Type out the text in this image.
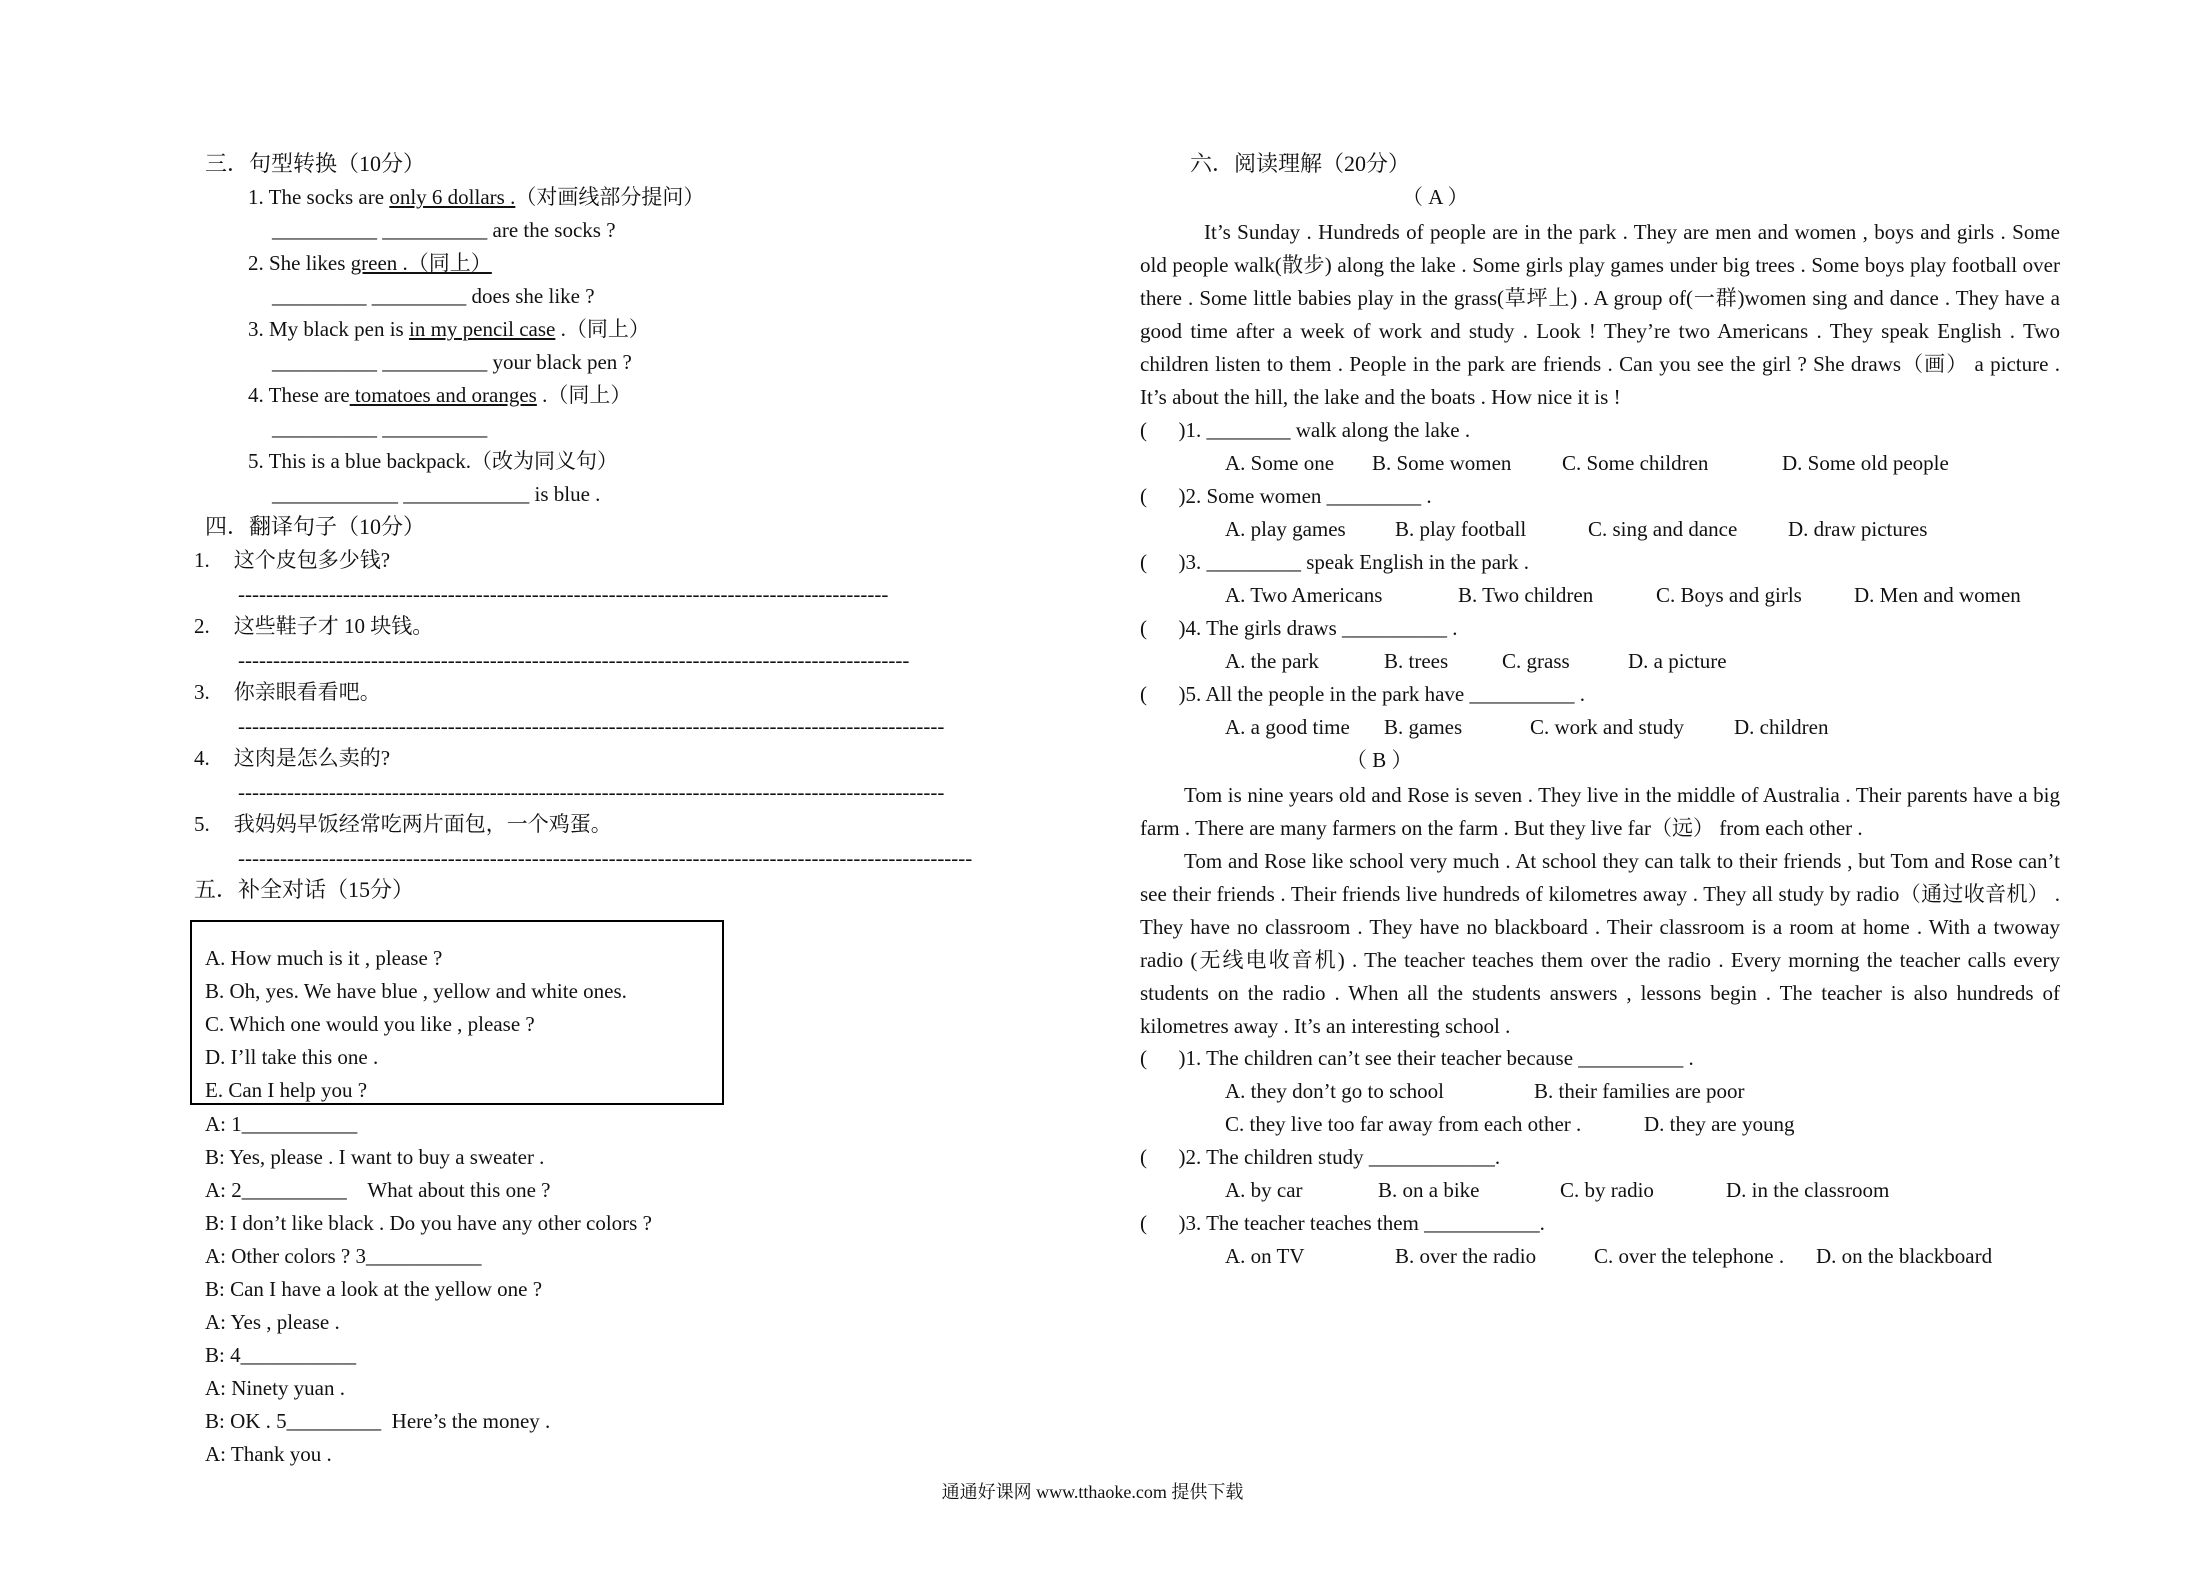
三．句型转换（10分）
1. The socks are only 6 dollars .（对画线部分提问）
__________ __________ are the socks ?
2. She likes green .（同上）
_________ _________ does she like ?
3. My black pen is in my pencil case .（同上）
__________ __________ your black pen ?
4. These are tomatoes and oranges .（同上）
__________ __________
5. This is a blue backpack.（改为同义句）
____________ ____________ is blue .
四．翻译句子（10分）
1. 这个皮包多少钱?
---------------------------------------------------------------------------------------------
2. 这些鞋子才 10 块钱。
------------------------------------------------------------------------------------------------
3. 你亲眼看看吧。
-----------------------------------------------------------------------------------------------------
4. 这肉是怎么卖的?
-----------------------------------------------------------------------------------------------------
5. 我妈妈早饭经常吃两片面包，一个鸡蛋。
---------------------------------------------------------------------------------------------------------
五．补全对话（15分）
A. How much is it , please ?
B. Oh, yes. We have blue , yellow and white ones.
C. Which one would you like , please ?
D. I’ll take this one .
E. Can I help you ?
A: 1___________
B: Yes, please . I want to buy a sweater .
A: 2__________    What about this one ?
B: I don’t like black . Do you have any other colors ?
A: Other colors ? 3___________
B: Can I have a look at the yellow one ?
A: Yes , please .
B: 4___________
A: Ninety yuan .
B: OK . 5_________  Here’s the money .
A: Thank you .
六．阅读理解（20分）
（ A ）
It’s Sunday . Hundreds of people are in the park . They are men and women , boys and girls . Some old people walk(散步) along the lake . Some girls play games under big trees . Some boys play football over there . Some little babies play in the grass(草坪上) . A group of(一群)women sing and dance . They have a good time after a week of work and study . Look ! They’re two Americans . They speak English . Two children listen to them . People in the park are friends . Can you see the girl ? She draws（画） a picture . It’s about the hill, the lake and the boats . How nice it is !
(      )1. ________ walk along the lake .
A. Some one B. Some women C. Some children	D. Some old people
(      )2. Some women _________ .
A. play games B. play football	C. sing and dance D. draw pictures
(      )3. _________ speak English in the park .
A. Two Americans	B. Two children	C. Boys and girls D. Men and women
(      )4. The girls draws __________ .
A. the park	B. trees	C. grass	D. a picture
(      )5. All the people in the park have __________ .
A. a good time B. games	C. work and study D. children
（ B ）
Tom is nine years old and Rose is seven . They live in the middle of Australia . Their parents have a big farm . There are many farmers on the farm . But they live far（远） from each other .
Tom and Rose like school very much . At school they can talk to their friends , but Tom and Rose can’t see their friends . Their friends live hundreds of kilometres away . They all study by radio（通过收音机） . They have no classroom . They have no blackboard . Their classroom is a room at home . With a twoway radio (无线电收音机) . The teacher teaches them over the radio . Every morning the teacher calls every students on the radio . When all the students answers , lessons begin . The teacher is also hundreds of kilometres away . It’s an interesting school .
(      )1. The children can’t see their teacher because __________ .
A. they don’t go to school	B. their families are poor
C. they live too far away from each other .	D. they are young
(      )2. The children study ____________.
A. by car	B. on a bike	C. by radio	D. in the classroom
(      )3. The teacher teaches them ___________.
A. on TV	B. over the radio	C. over the telephone . D. on the blackboard
通通好课网 www.tthaoke.com 提供下载
